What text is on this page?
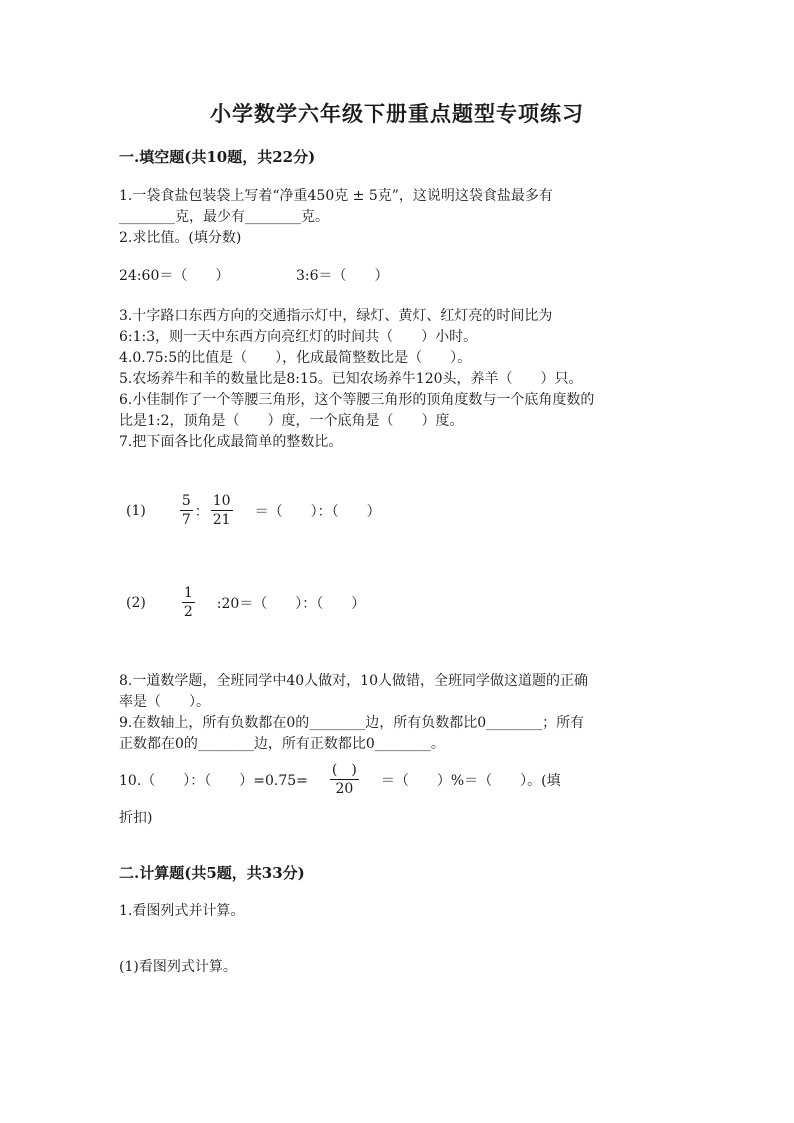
小学数学六年级下册重点题型专项练习
一.填空题(共10题，共22分)
1.一袋食盐包装袋上写着“净重450克 ± 5克”，这说明这袋食盐最多有
________克，最少有________克。
2.求比值。(填分数)
24:60＝（　　）	3:6＝（　　）
3.十字路口东西方向的交通指示灯中，绿灯、黄灯、红灯亮的时间比为
6:1:3，则一天中东西方向亮红灯的时间共（　　）小时。
4.0.75:5的比值是（　　），化成最简整数比是（　　）。
5.农场养牛和羊的数量比是8:15。已知农场养牛120头，养羊（　　）只。
6.小佳制作了一个等腰三角形，这个等腰三角形的顶角度数与一个底角度数的
比是1:2，顶角是（　　）度，一个底角是（　　）度。
7.把下面各比化成最简单的整数比。
$(1) \frac{5}{7}$ ： $\frac{10}{21}$ ＝（　　）：（　　）
(2)	$\frac{1}{2}$ :20＝（　　）：（　　）
8.一道数学题，全班同学中40人做对，10人做错，全班同学做这道题的正确
率是（　　）。
9.在数轴上，所有负数都在0的________边，所有负数都比0________；所有
正数都在0的________边，所有正数都比0________。
10.（　　）：（　　）$=0.75= \frac{( )}{20}$ ＝（　　）%＝（　　）。(填
折扣)
二.计算题(共5题，共33分)
1.看图列式并计算。
(1)看图列式计算。
